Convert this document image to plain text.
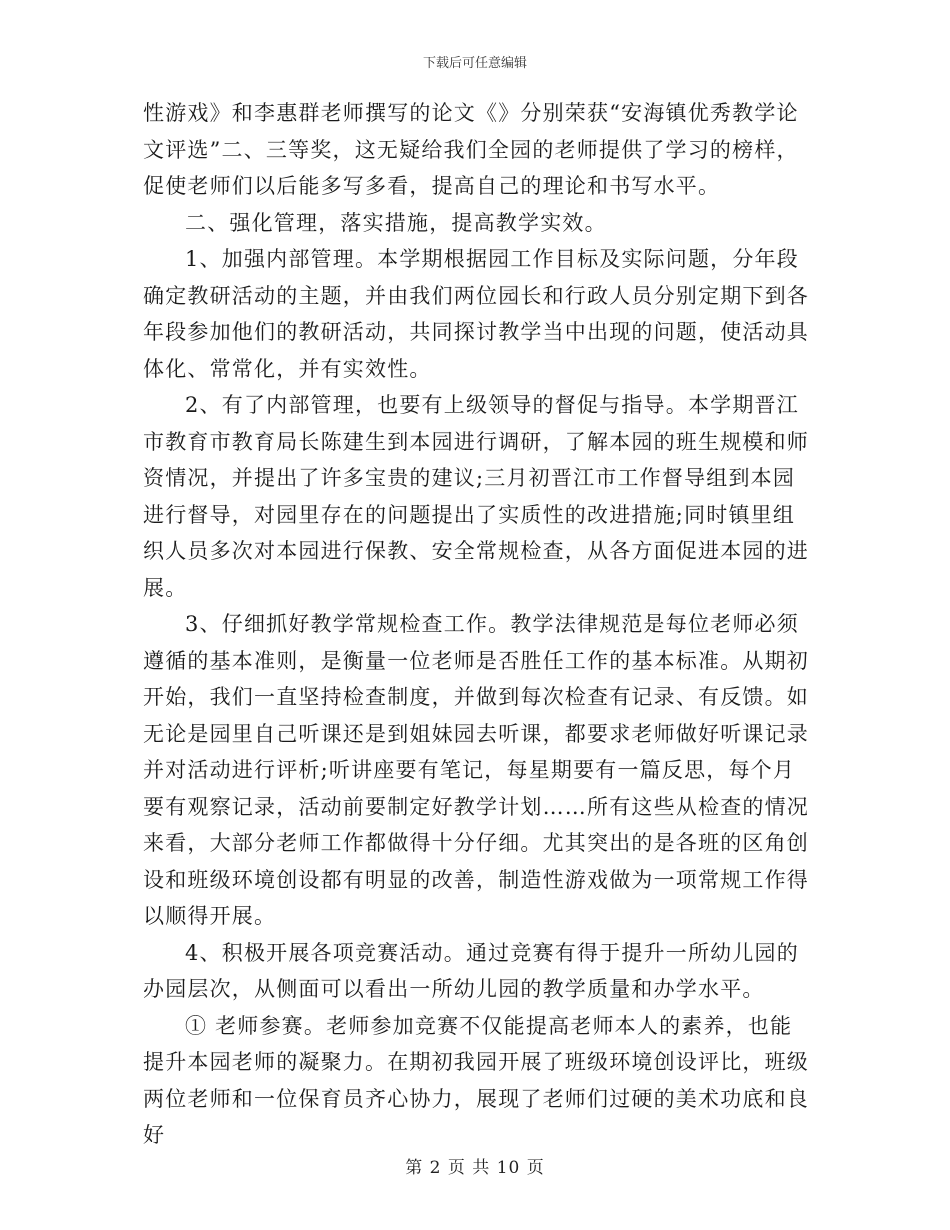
下载后可任意编辑

性游戏》和李惠群老师撰写的论文《》分别荣获“安海镇优秀教学论文评选”二、三等奖，这无疑给我们全园的老师提供了学习的榜样，促使老师们以后能多写多看，提高自己的理论和书写水平。

二、强化管理，落实措施，提高教学实效。

1、加强内部管理。本学期根据园工作目标及实际问题，分年段确定教研活动的主题，并由我们两位园长和行政人员分别定期下到各年段参加他们的教研活动，共同探讨教学当中出现的问题，使活动具体化、常常化，并有实效性。

2、有了内部管理，也要有上级领导的督促与指导。本学期晋江市教育市教育局长陈建生到本园进行调研，了解本园的班生规模和师资情况，并提出了许多宝贵的建议;三月初晋江市工作督导组到本园进行督导，对园里存在的问题提出了实质性的改进措施;同时镇里组织人员多次对本园进行保教、安全常规检查，从各方面促进本园的进展。

3、仔细抓好教学常规检查工作。教学法律规范是每位老师必须遵循的基本准则，是衡量一位老师是否胜任工作的基本标准。从期初开始，我们一直坚持检查制度，并做到每次检查有记录、有反馈。如无论是园里自己听课还是到姐妹园去听课，都要求老师做好听课记录并对活动进行评析;听讲座要有笔记，每星期要有一篇反思，每个月要有观察记录，活动前要制定好教学计划……所有这些从检查的情况来看，大部分老师工作都做得十分仔细。尤其突出的是各班的区角创设和班级环境创设都有明显的改善，制造性游戏做为一项常规工作得以顺得开展。

4、积极开展各项竞赛活动。通过竞赛有得于提升一所幼儿园的办园层次，从侧面可以看出一所幼儿园的教学质量和办学水平。

① 老师参赛。老师参加竞赛不仅能提高老师本人的素养，也能提升本园老师的凝聚力。在期初我园开展了班级环境创设评比，班级两位老师和一位保育员齐心协力，展现了老师们过硬的美术功底和良好

第 2 页 共 10 页
